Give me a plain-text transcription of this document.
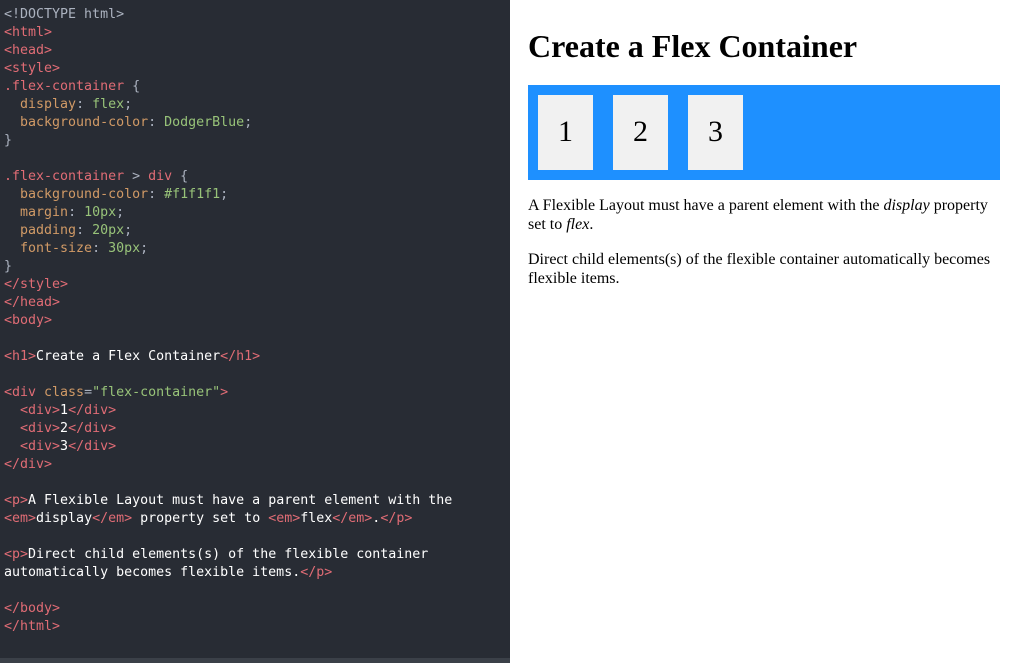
<!DOCTYPE html>
<html>
<head>
<style>
.flex-container {
display: flex;
background-color: DodgerBlue;
}

.flex-container > div {
background-color: #f1f1f1;
margin: 10px;
padding: 20px;
font-size: 30px;
}
</style>
</head>
<body>

<h1>Create a Flex Container</h1>

<div class="flex-container">
<div>1</div>
<div>2</div>
<div>3</div>
</div>

<p>A Flexible Layout must have a parent element with the
<em>display</em> property set to <em>flex</em>.</p>

<p>Direct child elements(s) of the flexible container
automatically becomes flexible items.</p>

</body>
</html>
Create a Flex Container
1	2	3

A Flexible Layout must have a parent element with the display property set to flex.

Direct child elements(s) of the flexible container automatically becomes flexible items.
